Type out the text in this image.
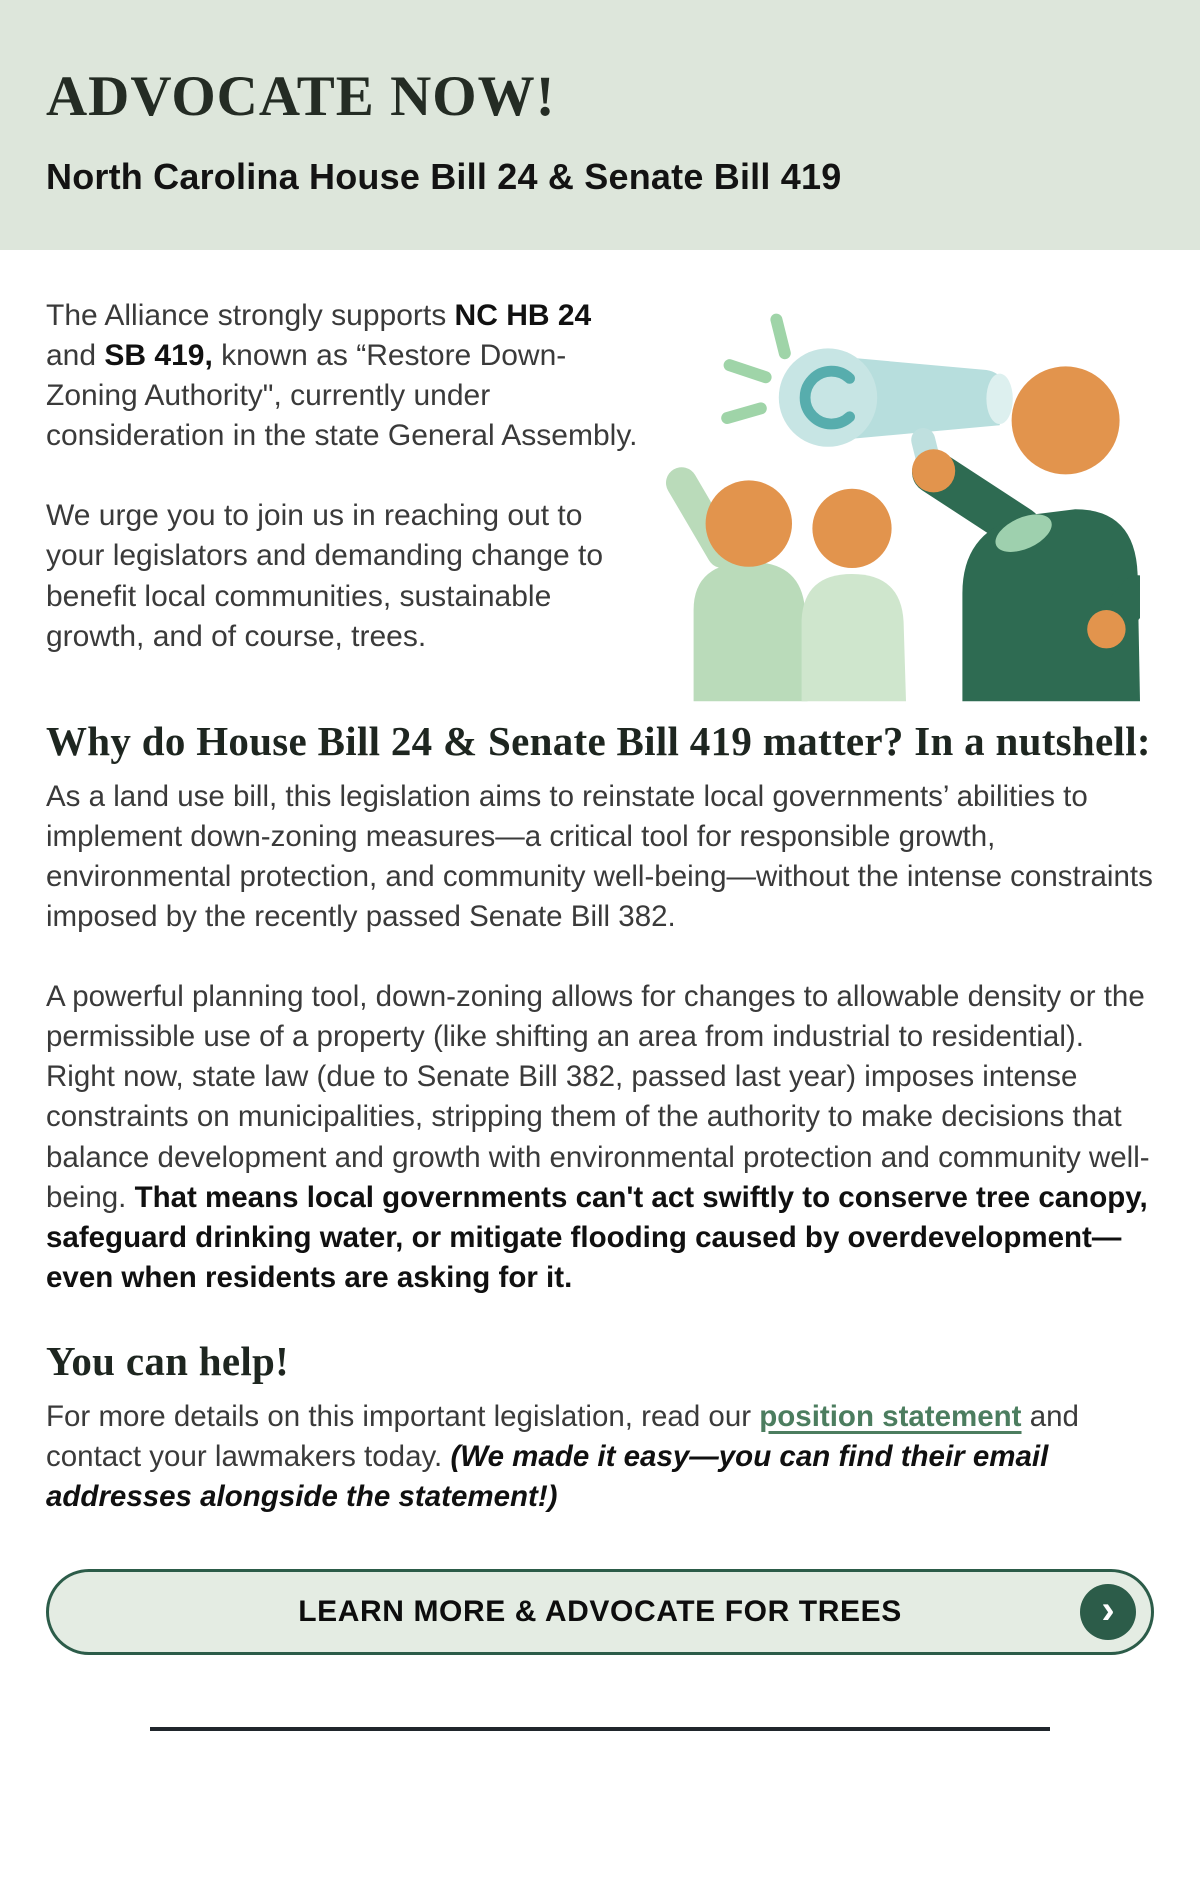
ADVOCATE NOW!
North Carolina House Bill 24 & Senate Bill 419

The Alliance strongly supports NC HB 24 and SB 419, known as “Restore Down-Zoning Authority", currently under consideration in the state General Assembly.

We urge you to join us in reaching out to your legislators and demanding change to benefit local communities, sustainable growth, and of course, trees.

Why do House Bill 24 & Senate Bill 419 matter? In a nutshell:

As a land use bill, this legislation aims to reinstate local governments’ abilities to implement down-zoning measures—a critical tool for responsible growth, environmental protection, and community well-being—without the intense constraints imposed by the recently passed Senate Bill 382.

A powerful planning tool, down-zoning allows for changes to allowable density or the permissible use of a property (like shifting an area from industrial to residential). Right now, state law (due to Senate Bill 382, passed last year) imposes intense constraints on municipalities, stripping them of the authority to make decisions that balance development and growth with environmental protection and community well-being. That means local governments can't act swiftly to conserve tree canopy, safeguard drinking water, or mitigate flooding caused by overdevelopment—even when residents are asking for it.

You can help!

For more details on this important legislation, read our position statement and contact your lawmakers today. (We made it easy—you can find their email addresses alongside the statement!)

LEARN MORE & ADVOCATE FOR TREES	›
